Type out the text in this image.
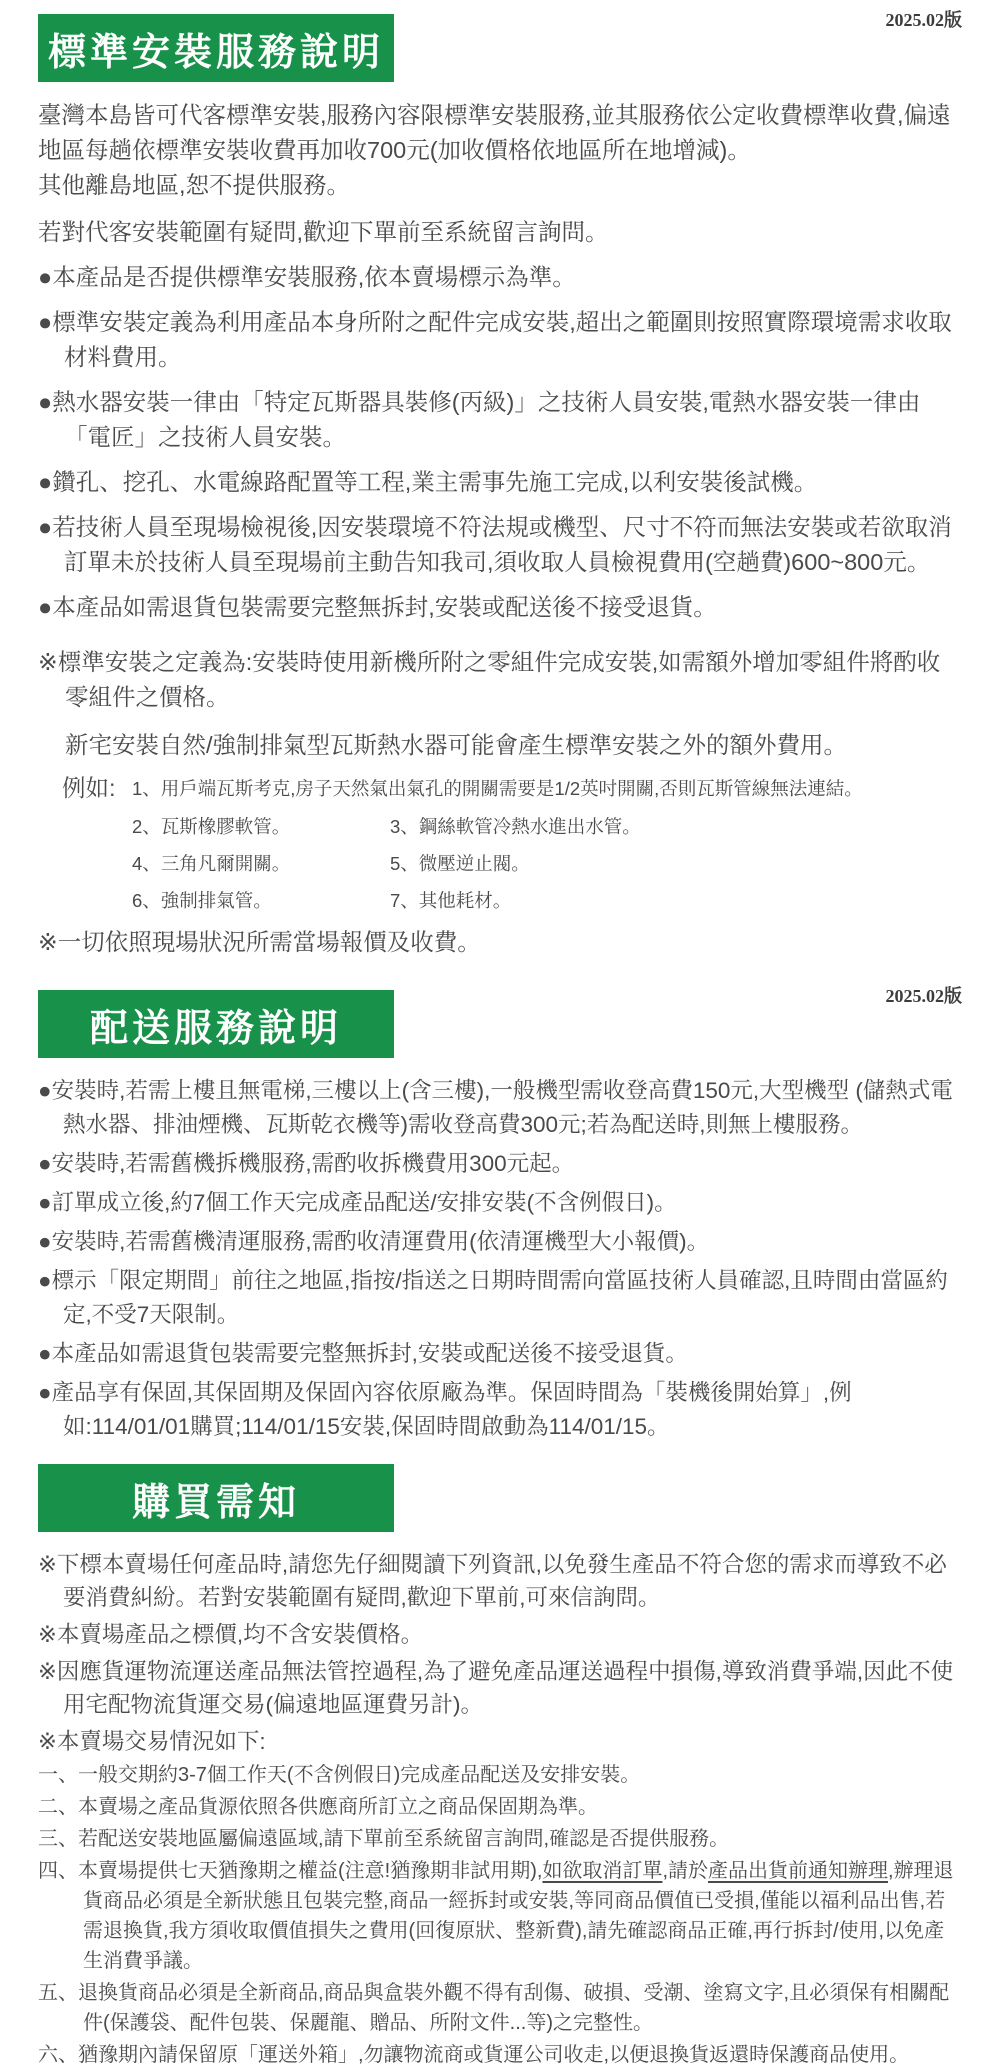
標準安裝服務說明
2025.02版

臺灣本島皆可代客標準安裝,服務內容限標準安裝服務,並其服務依公定收費標準收費,偏遠地區每趟依標準安裝收費再加收700元(加收價格依地區所在地增減)。

其他離島地區,恕不提供服務。

若對代客安裝範圍有疑問,歡迎下單前至系統留言詢問。

●本產品是否提供標準安裝服務,依本賣場標示為準。

●標準安裝定義為利用產品本身所附之配件完成安裝,超出之範圍則按照實際環境需求收取材料費用。

●熱水器安裝一律由「特定瓦斯器具裝修(丙級)」之技術人員安裝,電熱水器安裝一律由「電匠」之技術人員安裝。

●鑽孔、挖孔、水電線路配置等工程,業主需事先施工完成,以利安裝後試機。

●若技術人員至現場檢視後,因安裝環境不符法規或機型、尺寸不符而無法安裝或若欲取消訂單未於技術人員至現場前主動告知我司,須收取人員檢視費用(空趟費)600~800元。

●本產品如需退貨包裝需要完整無拆封,安裝或配送後不接受退貨。

※標準安裝之定義為:安裝時使用新機所附之零組件完成安裝,如需額外增加零組件將酌收零組件之價格。

新宅安裝自然/強制排氣型瓦斯熱水器可能會產生標準安裝之外的額外費用。

例如: 1、用戶端瓦斯考克,房子天然氣出氣孔的開關需要是1/2英吋開關,否則瓦斯管線無法連結。
2、瓦斯橡膠軟管。	3、鋼絲軟管冷熱水進出水管。
4、三角凡爾開關。	5、微壓逆止閥。
6、強制排氣管。	7、其他耗材。

※一切依照現場狀況所需當場報價及收費。

配送服務說明
2025.02版

●安裝時,若需上樓且無電梯,三樓以上(含三樓),一般機型需收登高費150元,大型機型 (儲熱式電熱水器、排油煙機、瓦斯乾衣機等)需收登高費300元;若為配送時,則無上樓服務。

●安裝時,若需舊機拆機服務,需酌收拆機費用300元起。

●訂單成立後,約7個工作天完成產品配送/安排安裝(不含例假日)。

●安裝時,若需舊機清運服務,需酌收清運費用(依清運機型大小報價)。

●標示「限定期間」前往之地區,指按/指送之日期時間需向當區技術人員確認,且時間由當區約定,不受7天限制。

●本產品如需退貨包裝需要完整無拆封,安裝或配送後不接受退貨。

●產品享有保固,其保固期及保固內容依原廠為準。保固時間為「裝機後開始算」,例如:114/01/01購買;114/01/15安裝,保固時間啟動為114/01/15。

購買需知

※下標本賣場任何產品時,請您先仔細閱讀下列資訊,以免發生產品不符合您的需求而導致不必要消費糾紛。若對安裝範圍有疑問,歡迎下單前,可來信詢問。

※本賣場產品之標價,均不含安裝價格。

※因應貨運物流運送產品無法管控過程,為了避免產品運送過程中損傷,導致消費爭端,因此不使用宅配物流貨運交易(偏遠地區運費另計)。

※本賣場交易情況如下:

一、一般交期約3-7個工作天(不含例假日)完成產品配送及安排安裝。

二、本賣場之產品貨源依照各供應商所訂立之商品保固期為準。

三、若配送安裝地區屬偏遠區域,請下單前至系統留言詢問,確認是否提供服務。

四、本賣場提供七天猶豫期之權益(注意!猶豫期非試用期),如欲取消訂單,請於產品出貨前通知辦理,辦理退貨商品必須是全新狀態且包裝完整,商品一經拆封或安裝,等同商品價值已受損,僅能以福利品出售,若需退換貨,我方須收取價值損失之費用(回復原狀、整新費),請先確認商品正確,再行拆封/使用,以免產生消費爭議。

五、退換貨商品必須是全新商品,商品與盒裝外觀不得有刮傷、破損、受潮、塗寫文字,且必須保有相關配件(保護袋、配件包裝、保麗龍、贈品、所附文件...等)之完整性。

六、猶豫期內請保留原「運送外箱」,勿讓物流商或貨運公司收走,以便退換貨返還時保護商品使用。
